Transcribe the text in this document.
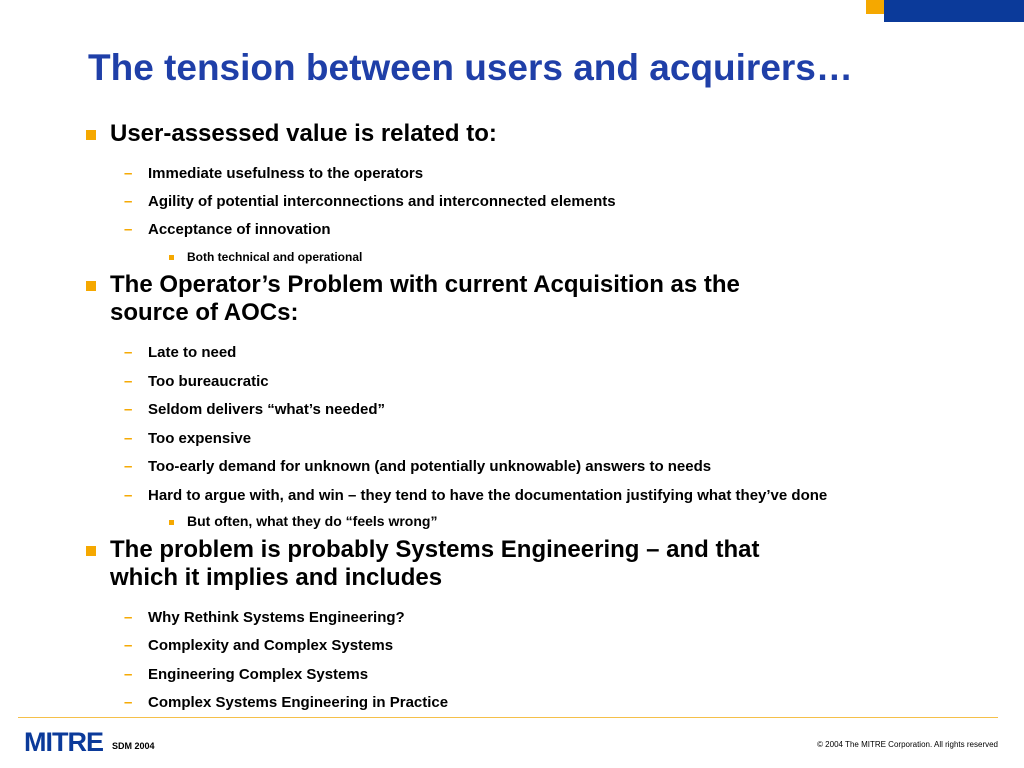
The tension between users and acquirers…
User-assessed value is related to:
– Immediate usefulness to the operators
– Agility of potential interconnections and interconnected elements
– Acceptance of innovation
Both technical and operational
The Operator’s Problem with current Acquisition as the
source of AOCs:
– Late to need
– Too bureaucratic
– Seldom delivers “what’s needed”
– Too expensive
– Too-early demand for unknown (and potentially unknowable) answers to needs
– Hard to argue with, and win – they tend to have the documentation justifying what they’ve done
But often, what they do “feels wrong”
The problem is probably Systems Engineering – and that
which it implies and includes
– Why Rethink Systems Engineering?
– Complexity and Complex Systems
– Engineering Complex Systems
– Complex Systems Engineering in Practice
MITRE SDM 2004	© 2004 The MITRE Corporation. All rights reserved
